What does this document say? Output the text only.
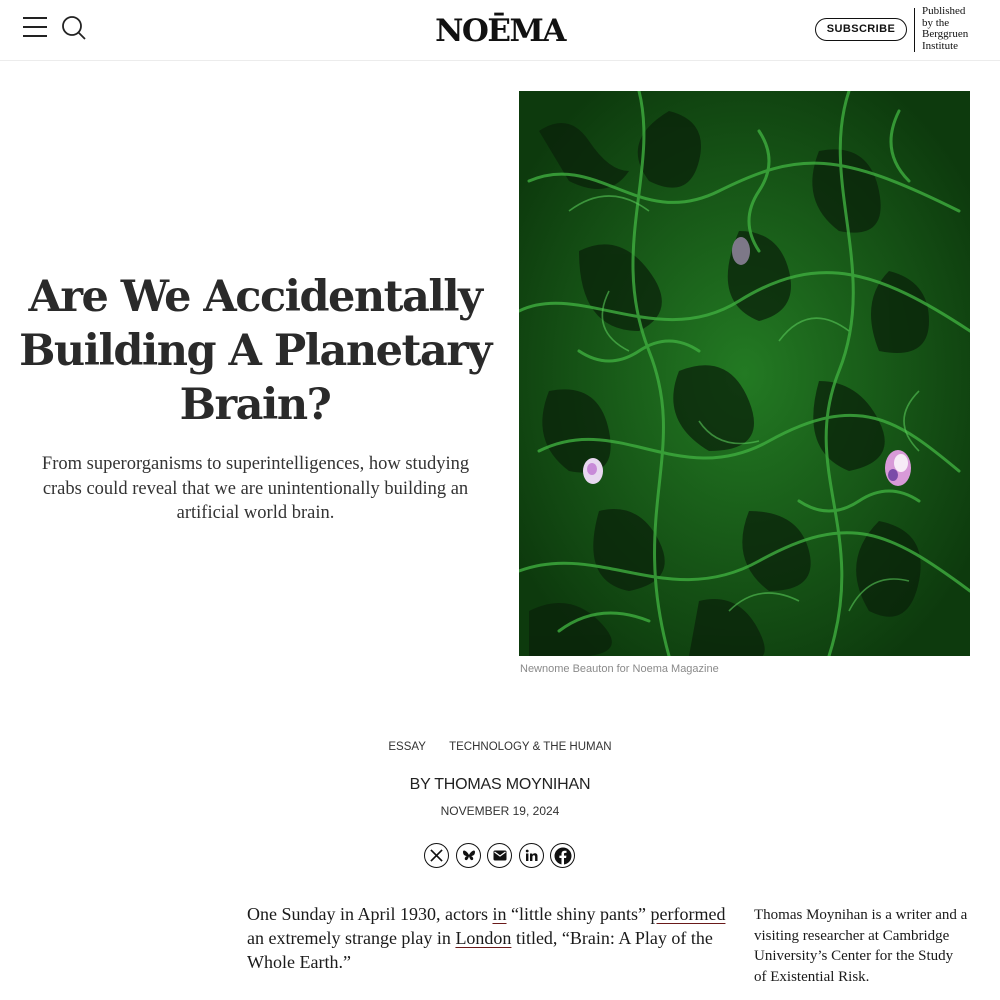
NOĒMA	SUBSCRIBE
Published
by the
Berggruen
Institute
Are We Accidentally Building A Planetary Brain?

From superorganisms to superintelligences, how studying crabs could reveal that we are unintentionally building an artificial world brain.

Newnome Beauton for Noema Magazine
ESSAY TECHNOLOGY & THE HUMAN
BY THOMAS MOYNIHAN
NOVEMBER 19, 2024
One Sunday in April 1930, actors in “little shiny pants” performed an extremely strange play in London titled, “Brain: A Play of the Whole Earth.”
Thomas Moynihan is a writer and a visiting researcher at Cambridge University’s Center for the Study of Existential Risk.
